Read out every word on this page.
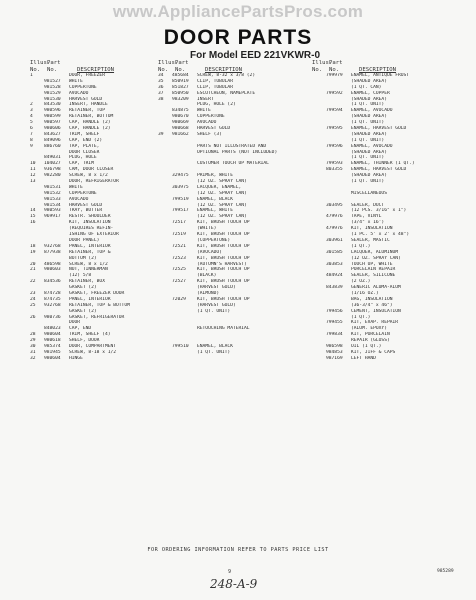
www.AppliancePartsPros.com
DOOR PARTS
For Model EED 221VKWR-0
Illus.
No.
Part
No.	DESCRIPTION
1	DOOR, FREEZER
981527	WHITE
981528	COPPERTONE
981529	AVOCADO
981530	HARVEST GOLD
2	843530	INSERT, HANDLE
3	980596	RETAINER, TOP
4	980599	RETAINER, BOTTOM
5	980597	CAP, HANDLE (2)
6	980606	CAP, HANDLE (2)
7	843627	TRIM, SHELF
8	849096	CAP, END (2)
9	886760	TAP, PLATE,
DOOR CLOSER
849031	PLUG, HOLE
10	104027	CAP, TRIM
11	936798	CAM, DOOR CLOSER
12	982280	SCREW, 8 x 1/2
13	DOOR, REFRIGERATOR
981531	WHITE
981532	COPPERTONE
981533	AVOCADO
981534	HARVEST GOLD
14	980593	TRAY, BUTTER
15	969917	RESTR. SHOULDER
16	KIT, INSULATION
(REQUIRES REFIN-
ISHING OF EXTERIOR
DOOR PANEL)
18	932768	PANEL, INTERIOR
19	877938	RETAINER, TOP &
BOTTOM (2)
20	486598	SCREW, 8 x 1/2
21	980603	NUT, TINNERMAN
(12) 5/8
22	834536	RETAINER, BOX
GASKET (2)
23	874728	GASKET, FREEZER DOOR
24	874735	PANEL, INTERIOR
25	932768	RETAINER, TOP & BOTTOM
GASKET (2)
26	980736	GASKET, REFRIGERATOR
DOOR
848023	CAP, END
28	980604	TRIM, SHELF (4)
29	980618	SHELF, DOOR
30	985374	DOOR, COMPARTMENT
31	981945	SCREW, 8-18 x 1/2
32	980604	HINGE
Illus.
No.
Part
No.	DESCRIPTION
34	485684	SCREW, 8-32 x 3/8 (2)
35	850919	CLIP, TUBULAR
36	851827	CLIP, TUBULAR
37	850950	ESCUTCHEON, NAMEPLATE
38	983209	INSERT
PLUG, HOLE (2)
834875	WHITE
980670	COPPERTONE
980669	AVOCADO
980668	HARVEST GOLD
39	981662	SHELF (3)
PARTS NOT ILLUSTRATED AND
OPTIONAL PARTS (NOT INCLUDED)
CUSTOMER TOUCH UP MATERIAL
329475	PRIMER, WHITE
(12 OZ. SPRAY CAN)
303975	LACQUER, ENAMEL,
(12 OZ. SPRAY CAN)
799519	ENAMEL, BLACK
(12 OZ. SPRAY CAN)
799517	ENAMEL, WHITE
(12 OZ. SPRAY CAN)
72517	KIT, BRUSH TOUCH UP
(WHITE)
72519	KIT, BRUSH TOUCH UP
(COPPERTONE)
72521	KIT, BRUSH TOUCH UP
(AVOCADO)
72523	KIT, BRUSH TOUCH UP
(AUTUMN'S HARVEST)
72525	KIT, BRUSH TOUCH UP
(BLACK)
72527	KIT, BRUSH TOUCH UP
(HARVEST GOLD)
(ALMOND)
72029	KIT, BRUSH TOUCH UP
(HARVEST GOLD)
(1 QT. UNIT)
RETOUCHING MATERIAL
799510	ENAMEL, BLACK
(1 QT. UNIT)
Illus.
No.
Part
No.	DESCRIPTION
799979	ENAMEL, ANTIQUE FROST
(SHADED AREA)
(1 QT. CAN)
799592	ENAMEL, COPPER
(SHADED AREA)
(1 QT. UNIT)
799594	ENAMEL, AVOCADO
(SHADED AREA)
(1 QT. UNIT)
799595	ENAMEL, HARVEST GOLD
(SHADED AREA)
(1 QT. UNIT)
799596	ENAMEL, AVOCADO
(SHADED AREA)
(1 QT. UNIT)
799593	ENAMEL, THINNER (1 QT.)
803355	ENAMEL, HARVEST GOLD
(SHADED AREA)
(1 QT. UNIT)
MISCELLANEOUS
303495	SEALER, DUCT
(12 PCS. 3/16" x 1")
479976	TAPE, VINYL
(3/4" x 16')
479976	KIT, INSULATION
(1 PC. 5' x 2' x 48")
303961	SEALER, MASTIC
(1 QT.)
301585	LACQUER, ALUMINUM
(12 OZ. SPRAY CAN)
303853	TOUCH UP, WHITE
PORCELAIN REPAIR
484924	SEALER, SILICONE
(2 OZ.)
843839	GENERIC ALUMA-ALUM
(1/16 OZ.)
BAG, INSULATION
(36-3/4" x 46")
799456	CEMENT, INSULATION
(1 QT.)
799455	KIT, EVAP. REPAIR
(ALUM. EPOXY)
799834	KIT, PORCELAIN
REPAIR (GLOSS)
986598	OIL (1 QT.)
984853	KIT, JIFF & CAPS
987169	LEFT HAND
FOR ORDERING INFORMATION REFER TO PARTS PRICE LIST
9	985289
248-A-9
